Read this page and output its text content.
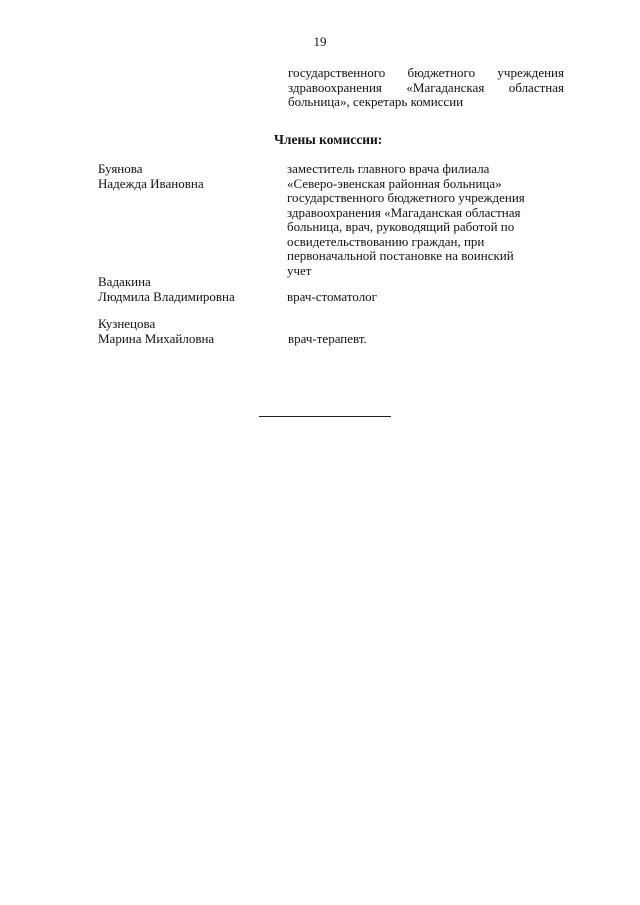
19
государственного бюджетного учреждения
здравоохранения «Магаданская областная
больница», секретарь комиссии
Члены комиссии:
Буянова
Надежда Ивановна
заместитель главного врача филиала
«Северо-эвенская районная больница»
государственного бюджетного учреждения
здравоохранения «Магаданская областная
больница, врач, руководящий работой по
освидетельствованию граждан, при
первоначальной постановке на воинский
учет
Вадакина
Людмила Владимировна	врач-стоматолог
Кузнецова
Марина Михайловна	врач-терапевт.
